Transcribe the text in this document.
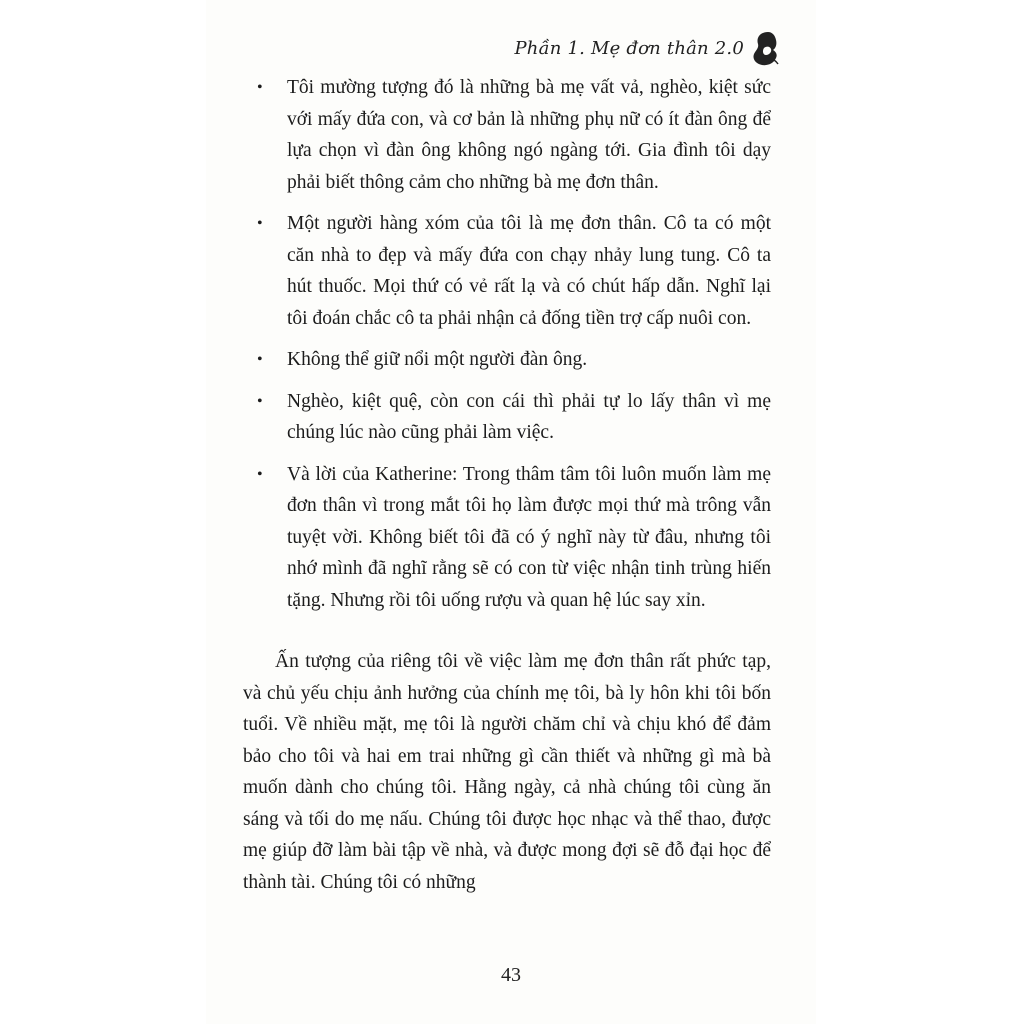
Phần 1. Mẹ đơn thân 2.0
• Tôi mường tượng đó là những bà mẹ vất vả, nghèo, kiệt sức với mấy đứa con, và cơ bản là những phụ nữ có ít đàn ông để lựa chọn vì đàn ông không ngó ngàng tới. Gia đình tôi dạy phải biết thông cảm cho những bà mẹ đơn thân.
• Một người hàng xóm của tôi là mẹ đơn thân. Cô ta có một căn nhà to đẹp và mấy đứa con chạy nhảy lung tung. Cô ta hút thuốc. Mọi thứ có vẻ rất lạ và có chút hấp dẫn. Nghĩ lại tôi đoán chắc cô ta phải nhận cả đống tiền trợ cấp nuôi con.
• Không thể giữ nổi một người đàn ông.
• Nghèo, kiệt quệ, còn con cái thì phải tự lo lấy thân vì mẹ chúng lúc nào cũng phải làm việc.
• Và lời của Katherine: Trong thâm tâm tôi luôn muốn làm mẹ đơn thân vì trong mắt tôi họ làm được mọi thứ mà trông vẫn tuyệt vời. Không biết tôi đã có ý nghĩ này từ đâu, nhưng tôi nhớ mình đã nghĩ rằng sẽ có con từ việc nhận tinh trùng hiến tặng. Nhưng rồi tôi uống rượu và quan hệ lúc say xỉn.

Ấn tượng của riêng tôi về việc làm mẹ đơn thân rất phức tạp, và chủ yếu chịu ảnh hưởng của chính mẹ tôi, bà ly hôn khi tôi bốn tuổi. Về nhiều mặt, mẹ tôi là người chăm chỉ và chịu khó để đảm bảo cho tôi và hai em trai những gì cần thiết và những gì mà bà muốn dành cho chúng tôi. Hằng ngày, cả nhà chúng tôi cùng ăn sáng và tối do mẹ nấu. Chúng tôi được học nhạc và thể thao, được mẹ giúp đỡ làm bài tập về nhà, và được mong đợi sẽ đỗ đại học để thành tài. Chúng tôi có những

43
